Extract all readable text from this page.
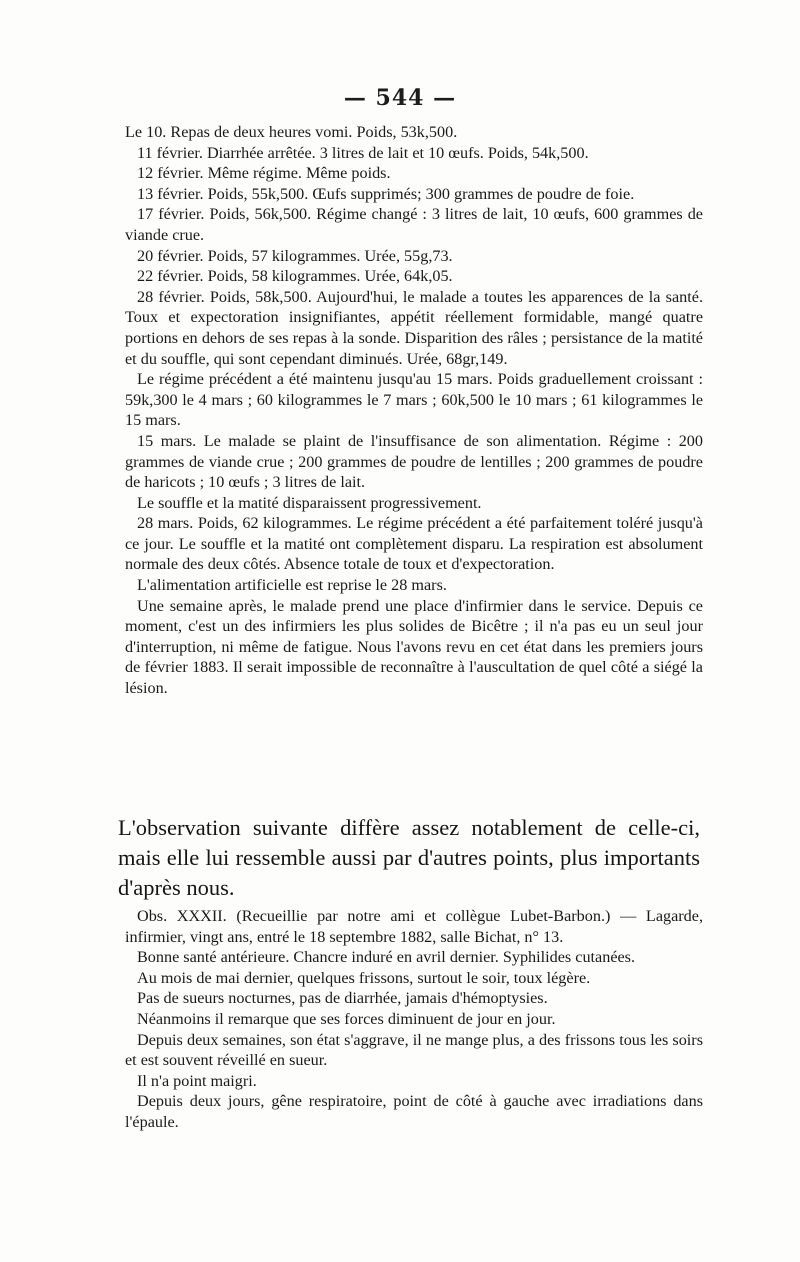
— 544 —

Le 10. Repas de deux heures vomi. Poids, 53k,500.

11 février. Diarrhée arrêtée. 3 litres de lait et 10 œufs. Poids, 54k,500.

12 février. Même régime. Même poids.

13 février. Poids, 55k,500. Œufs supprimés; 300 grammes de poudre de foie.

17 février. Poids, 56k,500. Régime changé : 3 litres de lait, 10 œufs, 600 grammes de viande crue.

20 février. Poids, 57 kilogrammes. Urée, 55g,73.

22 février. Poids, 58 kilogrammes. Urée, 64k,05.

28 février. Poids, 58k,500. Aujourd'hui, le malade a toutes les apparences de la santé. Toux et expectoration insignifiantes, appétit réellement formidable, mangé quatre portions en dehors de ses repas à la sonde. Disparition des râles ; persistance de la matité et du souffle, qui sont cependant diminués. Urée, 68gr,149.

Le régime précédent a été maintenu jusqu'au 15 mars. Poids graduellement croissant : 59k,300 le 4 mars ; 60 kilogrammes le 7 mars ; 60k,500 le 10 mars ; 61 kilogrammes le 15 mars.

15 mars. Le malade se plaint de l'insuffisance de son alimentation. Régime : 200 grammes de viande crue ; 200 grammes de poudre de lentilles ; 200 grammes de poudre de haricots ; 10 œufs ; 3 litres de lait.

Le souffle et la matité disparaissent progressivement.

28 mars. Poids, 62 kilogrammes. Le régime précédent a été parfaitement toléré jusqu'à ce jour. Le souffle et la matité ont complètement disparu. La respiration est absolument normale des deux côtés. Absence totale de toux et d'expectoration.

L'alimentation artificielle est reprise le 28 mars.

Une semaine après, le malade prend une place d'infirmier dans le service. Depuis ce moment, c'est un des infirmiers les plus solides de Bicêtre ; il n'a pas eu un seul jour d'interruption, ni même de fatigue. Nous l'avons revu en cet état dans les premiers jours de février 1883. Il serait impossible de reconnaître à l'auscultation de quel côté a siégé la lésion.

L'observation suivante diffère assez notablement de celle-ci, mais elle lui ressemble aussi par d'autres points, plus importants d'après nous.

Obs. XXXII. (Recueillie par notre ami et collègue Lubet-Barbon.) — Lagarde, infirmier, vingt ans, entré le 18 septembre 1882, salle Bichat, n° 13.

Bonne santé antérieure. Chancre induré en avril dernier. Syphilides cutanées.

Au mois de mai dernier, quelques frissons, surtout le soir, toux légère.

Pas de sueurs nocturnes, pas de diarrhée, jamais d'hémoptysies.

Néanmoins il remarque que ses forces diminuent de jour en jour.

Depuis deux semaines, son état s'aggrave, il ne mange plus, a des frissons tous les soirs et est souvent réveillé en sueur.

Il n'a point maigri.

Depuis deux jours, gêne respiratoire, point de côté à gauche avec irradiations dans l'épaule.
